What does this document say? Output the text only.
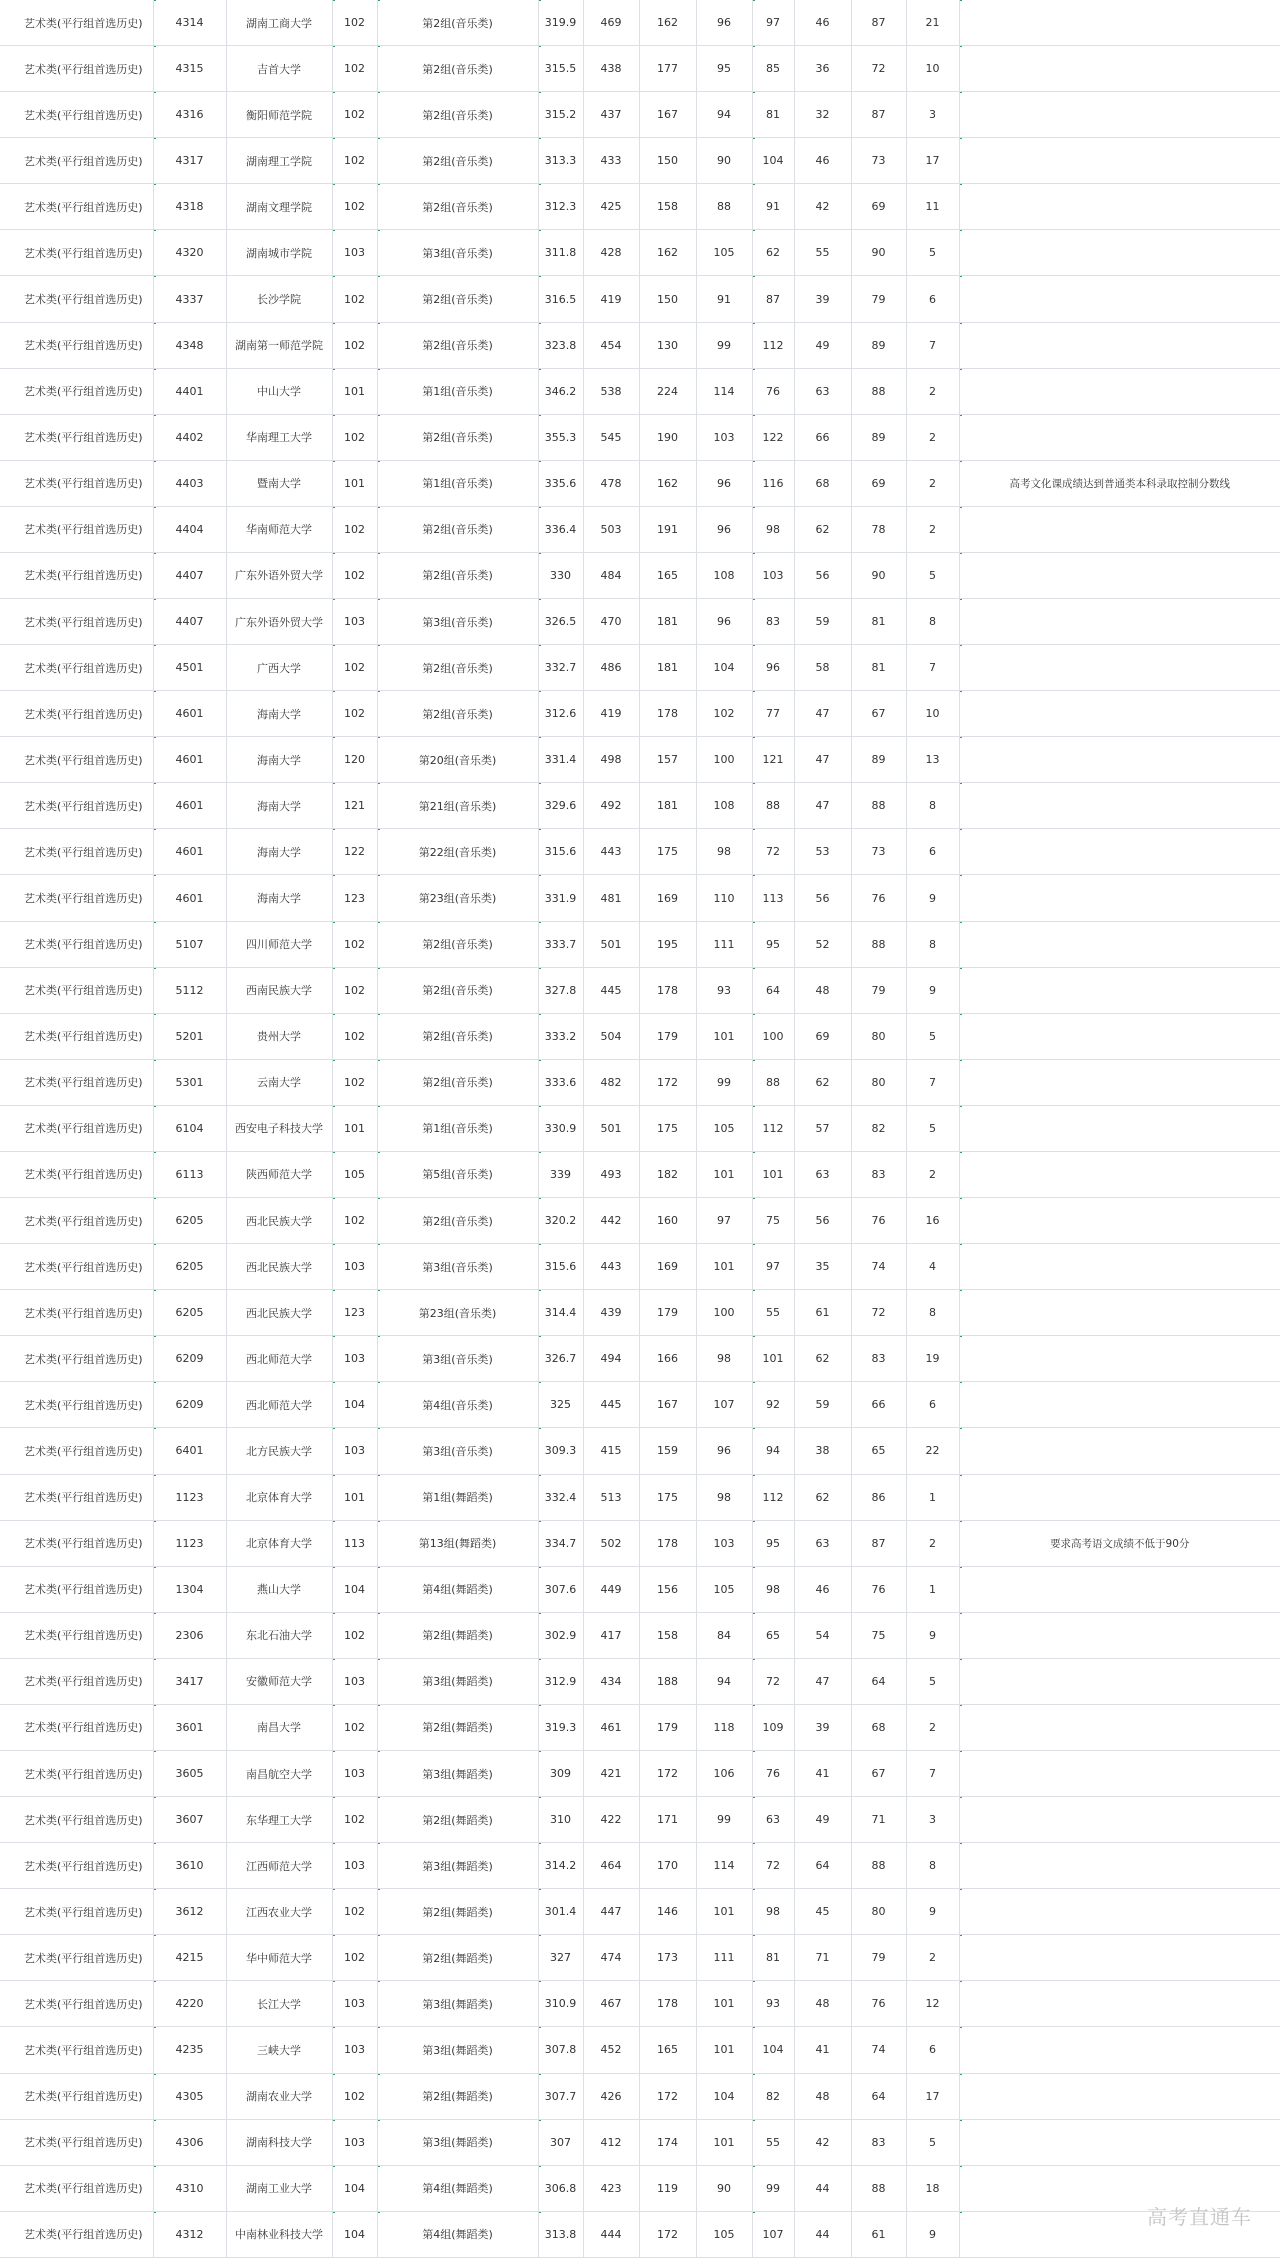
艺术类(平行组首选历史)	4314	湖南工商大学	102	第2组(音乐类)	319.9	469	162	96	97	46	87	21	
艺术类(平行组首选历史)	4315	吉首大学	102	第2组(音乐类)	315.5	438	177	95	85	36	72	10	
艺术类(平行组首选历史)	4316	衡阳师范学院	102	第2组(音乐类)	315.2	437	167	94	81	32	87	3	
艺术类(平行组首选历史)	4317	湖南理工学院	102	第2组(音乐类)	313.3	433	150	90	104	46	73	17	
艺术类(平行组首选历史)	4318	湖南文理学院	102	第2组(音乐类)	312.3	425	158	88	91	42	69	11	
艺术类(平行组首选历史)	4320	湖南城市学院	103	第3组(音乐类)	311.8	428	162	105	62	55	90	5	
艺术类(平行组首选历史)	4337	长沙学院	102	第2组(音乐类)	316.5	419	150	91	87	39	79	6	
艺术类(平行组首选历史)	4348	湖南第一师范学院	102	第2组(音乐类)	323.8	454	130	99	112	49	89	7	
艺术类(平行组首选历史)	4401	中山大学	101	第1组(音乐类)	346.2	538	224	114	76	63	88	2	
艺术类(平行组首选历史)	4402	华南理工大学	102	第2组(音乐类)	355.3	545	190	103	122	66	89	2	
艺术类(平行组首选历史)	4403	暨南大学	101	第1组(音乐类)	335.6	478	162	96	116	68	69	2	高考文化课成绩达到普通类本科录取控制分数线
艺术类(平行组首选历史)	4404	华南师范大学	102	第2组(音乐类)	336.4	503	191	96	98	62	78	2	
艺术类(平行组首选历史)	4407	广东外语外贸大学	102	第2组(音乐类)	330	484	165	108	103	56	90	5	
艺术类(平行组首选历史)	4407	广东外语外贸大学	103	第3组(音乐类)	326.5	470	181	96	83	59	81	8	
艺术类(平行组首选历史)	4501	广西大学	102	第2组(音乐类)	332.7	486	181	104	96	58	81	7	
艺术类(平行组首选历史)	4601	海南大学	102	第2组(音乐类)	312.6	419	178	102	77	47	67	10	
艺术类(平行组首选历史)	4601	海南大学	120	第20组(音乐类)	331.4	498	157	100	121	47	89	13	
艺术类(平行组首选历史)	4601	海南大学	121	第21组(音乐类)	329.6	492	181	108	88	47	88	8	
艺术类(平行组首选历史)	4601	海南大学	122	第22组(音乐类)	315.6	443	175	98	72	53	73	6	
艺术类(平行组首选历史)	4601	海南大学	123	第23组(音乐类)	331.9	481	169	110	113	56	76	9	
艺术类(平行组首选历史)	5107	四川师范大学	102	第2组(音乐类)	333.7	501	195	111	95	52	88	8	
艺术类(平行组首选历史)	5112	西南民族大学	102	第2组(音乐类)	327.8	445	178	93	64	48	79	9	
艺术类(平行组首选历史)	5201	贵州大学	102	第2组(音乐类)	333.2	504	179	101	100	69	80	5	
艺术类(平行组首选历史)	5301	云南大学	102	第2组(音乐类)	333.6	482	172	99	88	62	80	7	
艺术类(平行组首选历史)	6104	西安电子科技大学	101	第1组(音乐类)	330.9	501	175	105	112	57	82	5	
艺术类(平行组首选历史)	6113	陕西师范大学	105	第5组(音乐类)	339	493	182	101	101	63	83	2	
艺术类(平行组首选历史)	6205	西北民族大学	102	第2组(音乐类)	320.2	442	160	97	75	56	76	16	
艺术类(平行组首选历史)	6205	西北民族大学	103	第3组(音乐类)	315.6	443	169	101	97	35	74	4	
艺术类(平行组首选历史)	6205	西北民族大学	123	第23组(音乐类)	314.4	439	179	100	55	61	72	8	
艺术类(平行组首选历史)	6209	西北师范大学	103	第3组(音乐类)	326.7	494	166	98	101	62	83	19	
艺术类(平行组首选历史)	6209	西北师范大学	104	第4组(音乐类)	325	445	167	107	92	59	66	6	
艺术类(平行组首选历史)	6401	北方民族大学	103	第3组(音乐类)	309.3	415	159	96	94	38	65	22	
艺术类(平行组首选历史)	1123	北京体育大学	101	第1组(舞蹈类)	332.4	513	175	98	112	62	86	1	
艺术类(平行组首选历史)	1123	北京体育大学	113	第13组(舞蹈类)	334.7	502	178	103	95	63	87	2	要求高考语文成绩不低于90分
艺术类(平行组首选历史)	1304	燕山大学	104	第4组(舞蹈类)	307.6	449	156	105	98	46	76	1	
艺术类(平行组首选历史)	2306	东北石油大学	102	第2组(舞蹈类)	302.9	417	158	84	65	54	75	9	
艺术类(平行组首选历史)	3417	安徽师范大学	103	第3组(舞蹈类)	312.9	434	188	94	72	47	64	5	
艺术类(平行组首选历史)	3601	南昌大学	102	第2组(舞蹈类)	319.3	461	179	118	109	39	68	2	
艺术类(平行组首选历史)	3605	南昌航空大学	103	第3组(舞蹈类)	309	421	172	106	76	41	67	7	
艺术类(平行组首选历史)	3607	东华理工大学	102	第2组(舞蹈类)	310	422	171	99	63	49	71	3	
艺术类(平行组首选历史)	3610	江西师范大学	103	第3组(舞蹈类)	314.2	464	170	114	72	64	88	8	
艺术类(平行组首选历史)	3612	江西农业大学	102	第2组(舞蹈类)	301.4	447	146	101	98	45	80	9	
艺术类(平行组首选历史)	4215	华中师范大学	102	第2组(舞蹈类)	327	474	173	111	81	71	79	2	
艺术类(平行组首选历史)	4220	长江大学	103	第3组(舞蹈类)	310.9	467	178	101	93	48	76	12	
艺术类(平行组首选历史)	4235	三峡大学	103	第3组(舞蹈类)	307.8	452	165	101	104	41	74	6	
艺术类(平行组首选历史)	4305	湖南农业大学	102	第2组(舞蹈类)	307.7	426	172	104	82	48	64	17	
艺术类(平行组首选历史)	4306	湖南科技大学	103	第3组(舞蹈类)	307	412	174	101	55	42	83	5	
艺术类(平行组首选历史)	4310	湖南工业大学	104	第4组(舞蹈类)	306.8	423	119	90	99	44	88	18	
艺术类(平行组首选历史)	4312	中南林业科技大学	104	第4组(舞蹈类)	313.8	444	172	105	107	44	61	9	
高考直通车
